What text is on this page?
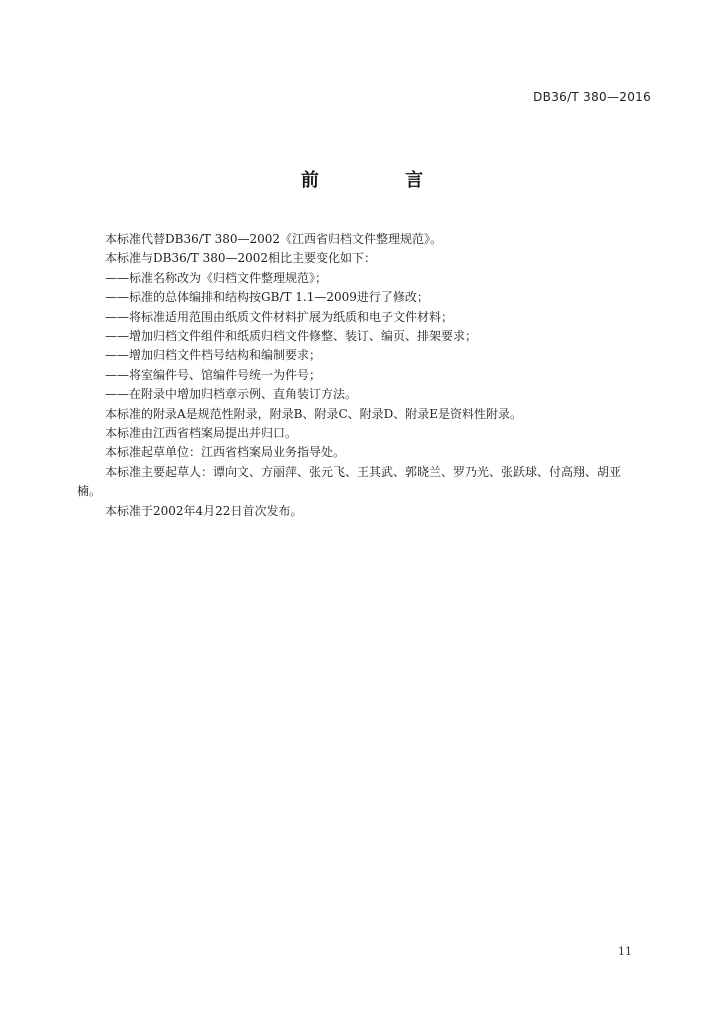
DB36/T 380—2016
前 言
本标准代替DB36/T 380—2002《江西省归档文件整理规范》。
本标准与DB36/T 380—2002相比主要变化如下：
——标准名称改为《归档文件整理规范》；
——标准的总体编排和结构按GB/T 1.1—2009进行了修改；
——将标准适用范围由纸质文件材料扩展为纸质和电子文件材料；
——增加归档文件组件和纸质归档文件修整、装订、编页、排架要求；
——增加归档文件档号结构和编制要求；
——将室编件号、馆编件号统一为件号；
——在附录中增加归档章示例、直角装订方法。
本标准的附录A是规范性附录，附录B、附录C、附录D、附录E是资料性附录。
本标准由江西省档案局提出并归口。
本标准起草单位：江西省档案局业务指导处。
本标准主要起草人：谭向文、方丽萍、张元飞、王其武、郭晓兰、罗乃光、张跃球、付高翔、胡亚
楠。
本标准于2002年4月22日首次发布。
11
